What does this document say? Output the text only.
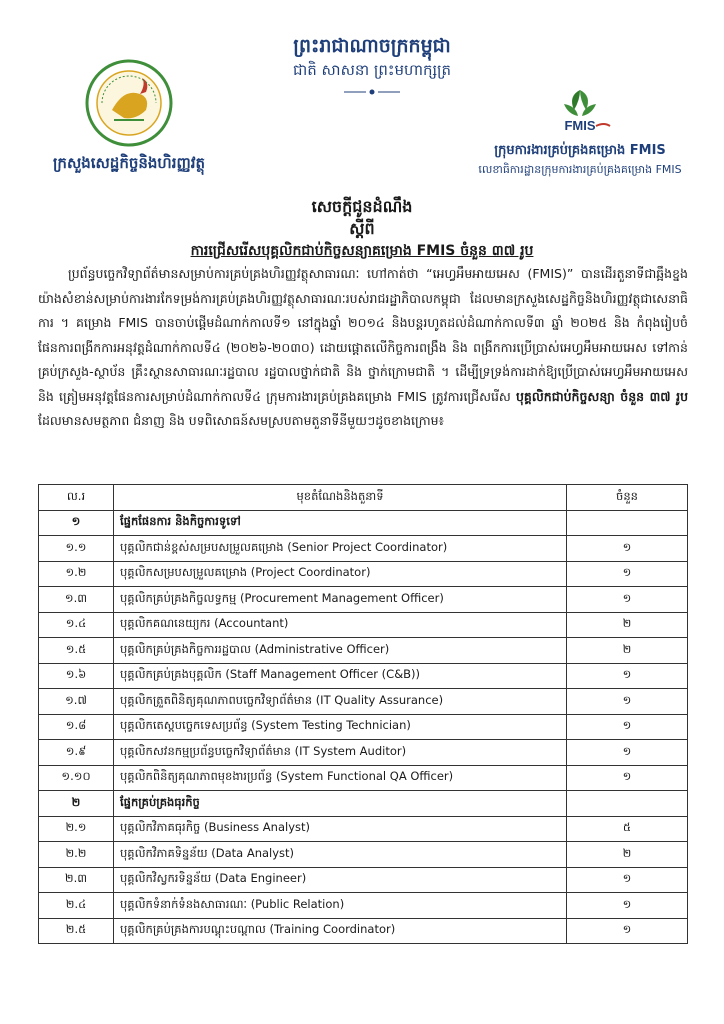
ព្រះរាជាណាចក្រកម្ពុជា
ជាតិ សាសនា ព្រះមហាក្សត្រ
ក្រសួងសេដ្ឋកិច្ចនិងហិរញ្ញវត្ថុ
FMIS
ក្រុមការងារគ្រប់គ្រងគម្រោង FMIS
លេខាធិការដ្ឋានក្រុមការងារគ្រប់គ្រងគម្រោង FMIS
សេចក្តីជូនដំណឹង
ស្តីពី
ការជ្រើសរើសបុគ្គលិកជាប់កិច្ចសន្យាគម្រោង FMIS ចំនួន ៣៧ រូប
ប្រព័ន្ធបច្ចេកវិទ្យាព័ត៌មានសម្រាប់ការគ្រប់គ្រងហិរញ្ញវត្ថុសាធារណៈ ហៅកាត់ថា “អេហ្វអឹមអាយអេស (FMIS)” បានដើរតួនាទីជាឆ្អឹងខ្នងយ៉ាងសំខាន់សម្រាប់ការងារកែទម្រង់ការគ្រប់គ្រងហិរញ្ញវត្ថុសាធារណៈរបស់រាជរដ្ឋាភិបាលកម្ពុជា ដែលមានក្រសួងសេដ្ឋកិច្ចនិងហិរញ្ញវត្ថុជាសេនាធិការ ។ គម្រោង FMIS បានចាប់ផ្តើមដំណាក់កាលទី១ នៅក្នុងឆ្នាំ ២០១៤ និងបន្តរហូតដល់ដំណាក់កាលទី៣ ឆ្នាំ ២០២៥ និង កំពុងរៀបចំផែនការពង្រីកការអនុវត្តដំណាក់កាលទី៤ (២០២៦-២០៣០) ដោយផ្តោតលើកិច្ចការពង្រឹង និង ពង្រីកការប្រើប្រាស់អេហ្វអឹមអាយអេស ទៅកាន់គ្រប់ក្រសួង-ស្ថាប័ន គ្រឹះស្ថានសាធារណៈរដ្ឋបាល រដ្ឋបាលថ្នាក់ជាតិ និង ថ្នាក់ក្រោមជាតិ ។ ដើម្បីទ្រទ្រង់ការដាក់ឱ្យប្រើប្រាស់អេហ្វអឹមអាយអេស និង ត្រៀមអនុវត្តផែនការសម្រាប់ដំណាក់កាលទី៤ ក្រុមការងារគ្រប់គ្រងគម្រោង FMIS ត្រូវការជ្រើសរើស បុគ្គលិកជាប់កិច្ចសន្យា ចំនួន ៣៧ រូប ដែលមានសមត្ថភាព ជំនាញ និង បទពិសោធន៍សមស្របតាមតួនាទីនីមួយៗដូចខាងក្រោម៖
ល.រ	មុខតំណែងនិងតួនាទី	ចំនួន
១	ផ្នែកផែនការ និងកិច្ចការទូទៅ	
១.១	បុគ្គលិកជាន់ខ្ពស់សម្របសម្រួលគម្រោង (Senior Project Coordinator)	១
១.២	បុគ្គលិកសម្របសម្រួលគម្រោង (Project Coordinator)	១
១.៣	បុគ្គលិកគ្រប់គ្រងកិច្ចលទ្ធកម្ម (Procurement Management Officer)	១
១.៤	បុគ្គលិកគណនេយ្យករ (Accountant)	២
១.៥	បុគ្គលិកគ្រប់គ្រងកិច្ចការរដ្ឋបាល (Administrative Officer)	២
១.៦	បុគ្គលិកគ្រប់គ្រងបុគ្គលិក (Staff Management Officer (C&B))	១
១.៧	បុគ្គលិកត្រួតពិនិត្យគុណភាពបច្ចេកវិទ្យាព័ត៌មាន (IT Quality Assurance)	១
១.៨	បុគ្គលិកតេស្តបច្ចេកទេសប្រព័ន្ធ (System Testing Technician)	១
១.៩	បុគ្គលិកសវនកម្មប្រព័ន្ធបច្ចេកវិទ្យាព័ត៌មាន (IT System Auditor)	១
១.១០	បុគ្គលិកពិនិត្យគុណភាពមុខងារប្រព័ន្ធ (System Functional QA Officer)	១
២	ផ្នែកគ្រប់គ្រងធុរកិច្ច	
២.១	បុគ្គលិកវិភាគធុរកិច្ច (Business Analyst)	៥
២.២	បុគ្គលិកវិភាគទិន្នន័យ (Data Analyst)	២
២.៣	បុគ្គលិកវិស្វករទិន្នន័យ (Data Engineer)	១
២.៤	បុគ្គលិកទំនាក់ទំនងសាធារណៈ (Public Relation)	១
២.៥	បុគ្គលិកគ្រប់គ្រងការបណ្តុះបណ្តាល (Training Coordinator)	១
